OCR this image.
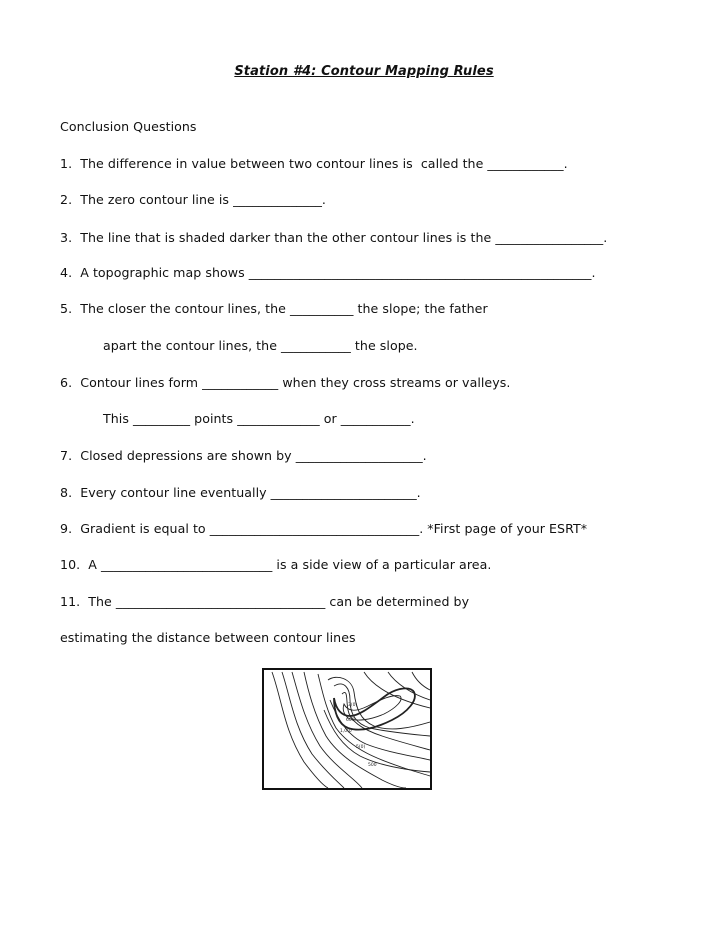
Station #4: Contour Mapping Rules
Conclusion Questions
1.  The difference in value between two contour lines is  called the ____________.
2.  The zero contour line is ______________.
3.  The line that is shaded darker than the other contour lines is the _________________.
4.  A topographic map shows ______________________________________________________.
5.  The closer the contour lines, the __________ the slope; the father
apart the contour lines, the ___________ the slope.
6.  Contour lines form ____________ when they cross streams or valleys.
This _________ points _____________ or ___________.
7.  Closed depressions are shown by ____________________.
8.  Every contour line eventually _______________________.
9.  Gradient is equal to _________________________________. *First page of your ESRT*
10.  A ___________________________ is a side view of a particular area.
11.  The _________________________________ can be determined by
estimating the distance between contour lines
3(0)
600
1,0(0
5(0)
500
